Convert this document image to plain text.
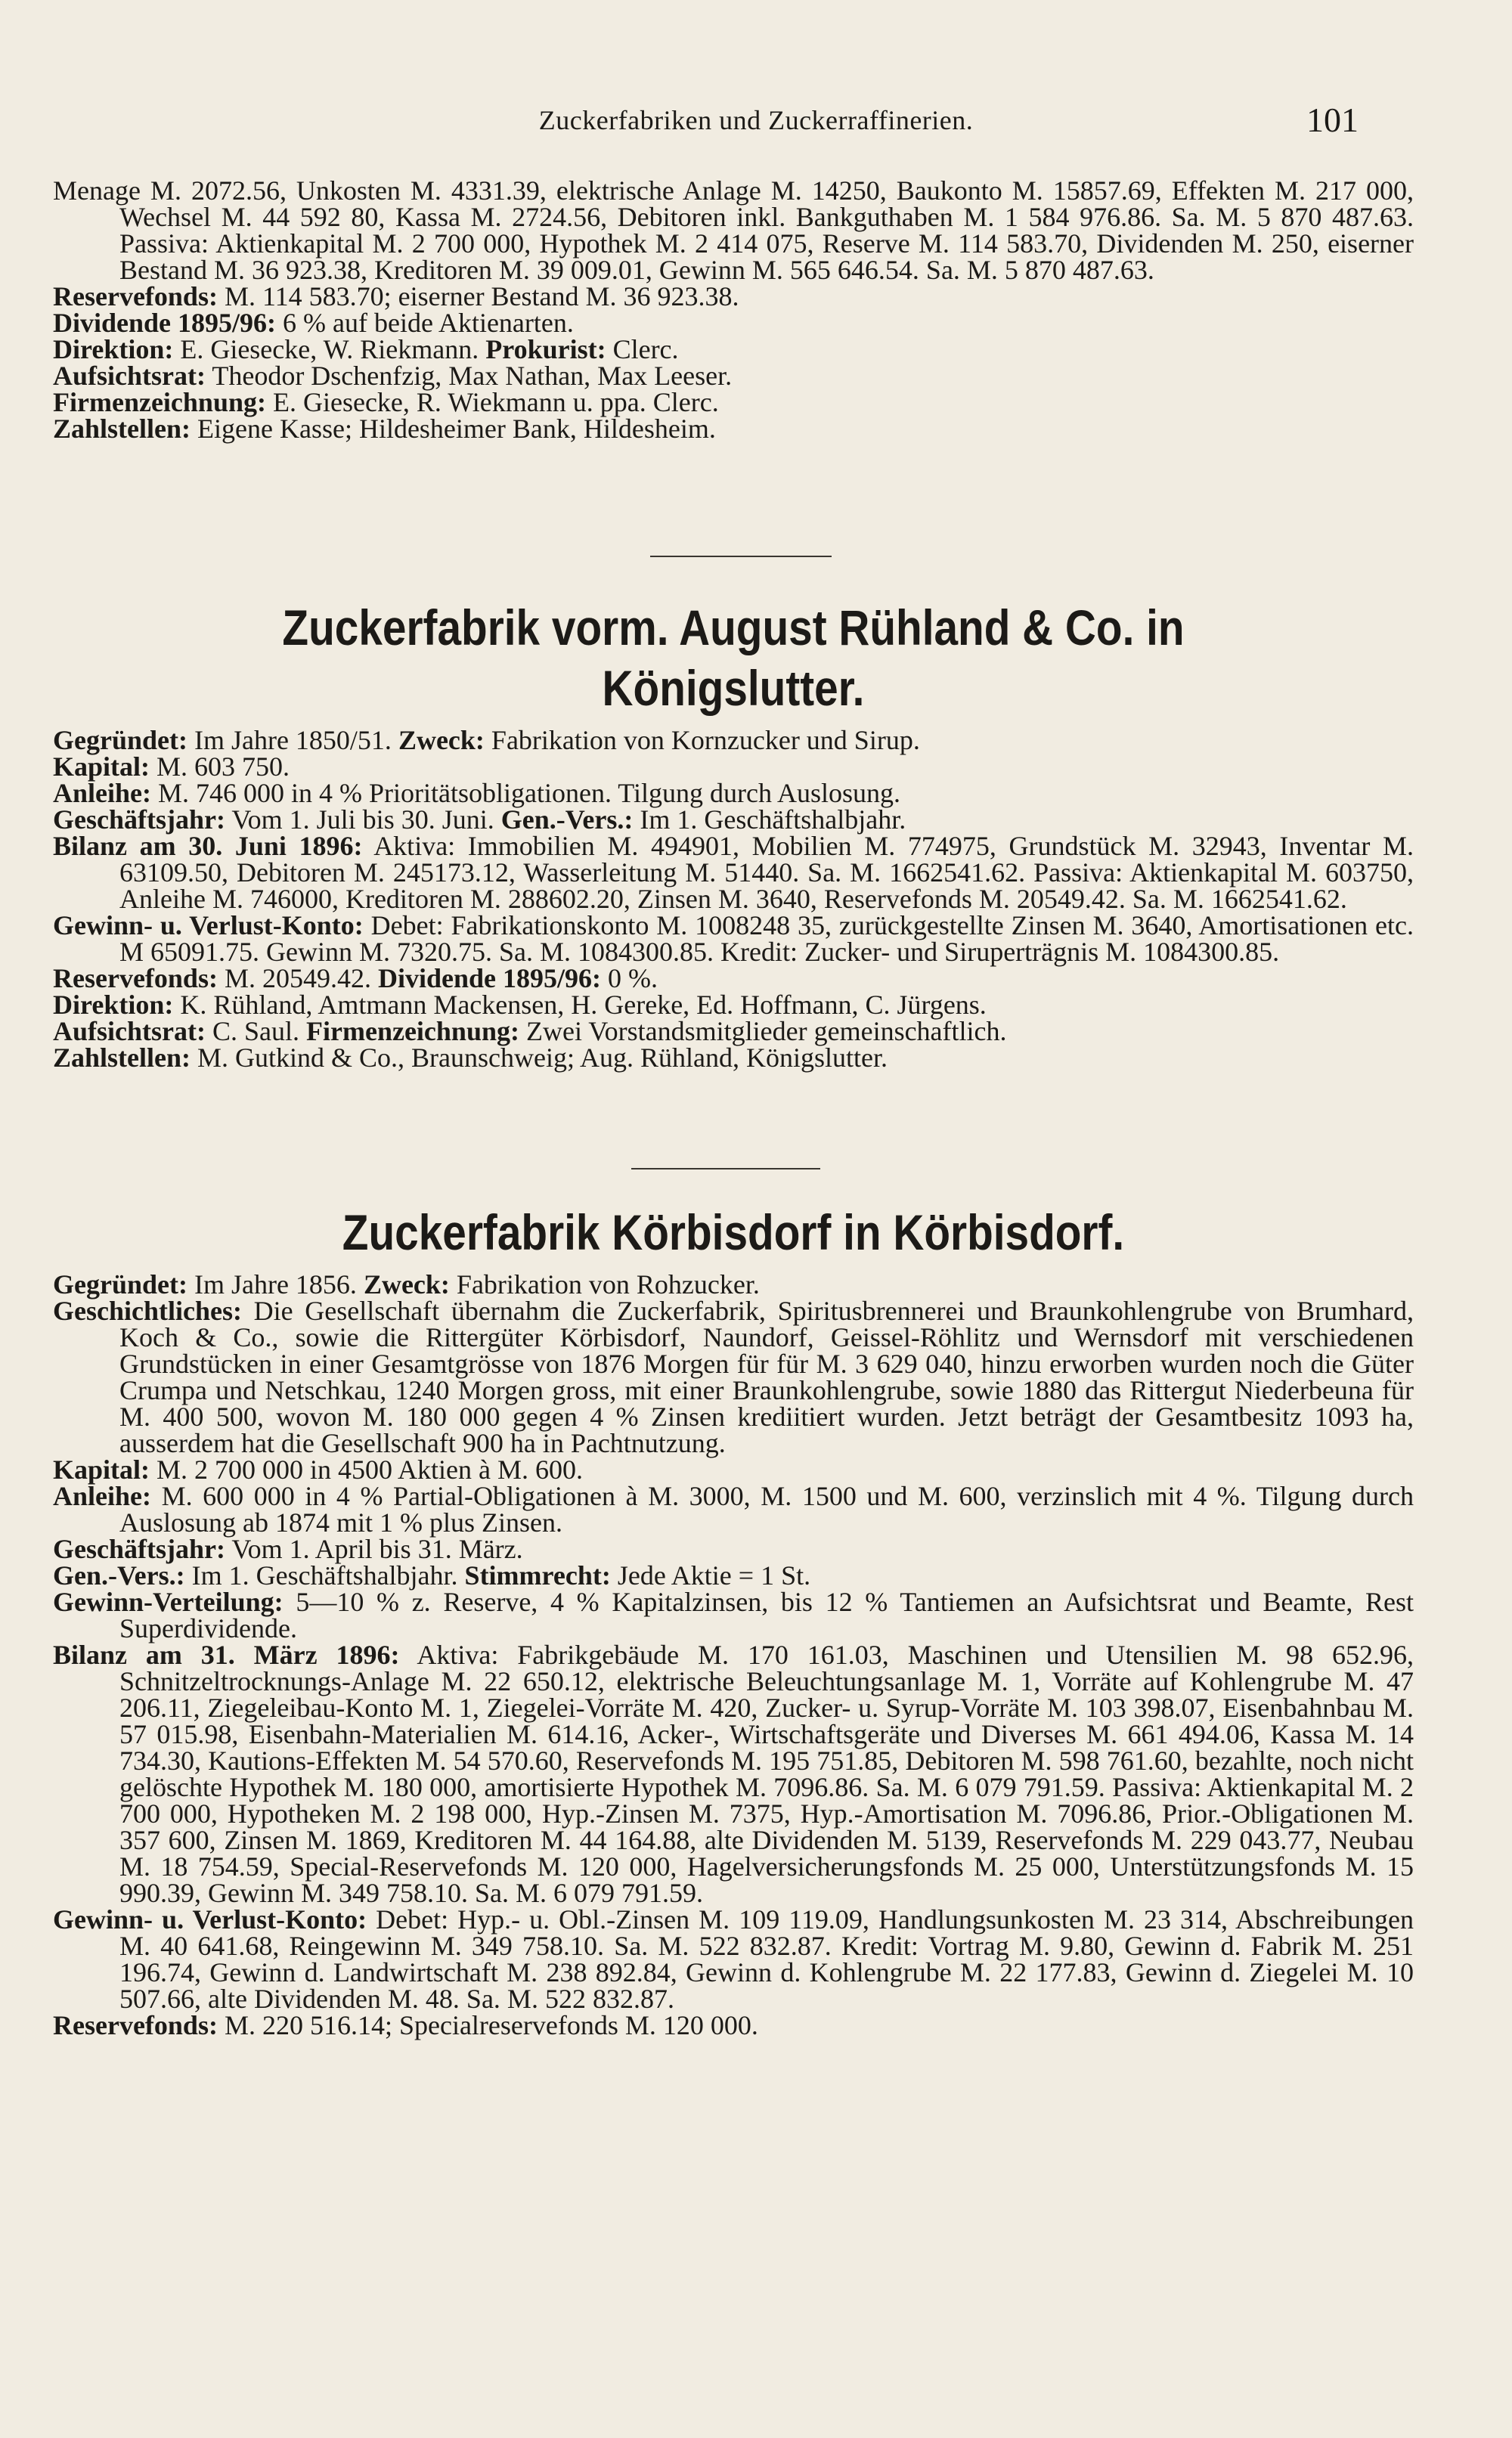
Zuckerfabriken und Zuckerraffinerien.	101

Menage M. 2072.56, Unkosten M. 4331.39, elektrische Anlage M. 14250, Baukonto M. 15857.69, Effekten M. 217 000, Wechsel M. 44 592 80, Kassa M. 2724.56, Debitoren inkl. Bankguthaben M. 1 584 976.86. Sa. M. 5 870 487.63. Passiva: Aktienkapital M. 2 700 000, Hypothek M. 2 414 075, Reserve M. 114 583.70, Dividenden M. 250, eiserner Bestand M. 36 923.38, Kreditoren M. 39 009.01, Gewinn M. 565 646.54. Sa. M. 5 870 487.63.

Reservefonds: M. 114 583.70; eiserner Bestand M. 36 923.38.

Dividende 1895/96: 6 % auf beide Aktienarten.

Direktion: E. Giesecke, W. Riekmann. Prokurist: Clerc.

Aufsichtsrat: Theodor Dschenfzig, Max Nathan, Max Leeser.

Firmenzeichnung: E. Giesecke, R. Wiekmann u. ppa. Clerc.

Zahlstellen: Eigene Kasse; Hildesheimer Bank, Hildesheim.

Zuckerfabrik vorm. August Rühland & Co. in Königslutter.

Gegründet: Im Jahre 1850/51. Zweck: Fabrikation von Kornzucker und Sirup.

Kapital: M. 603 750.

Anleihe: M. 746 000 in 4 % Prioritätsobligationen. Tilgung durch Auslosung.

Geschäftsjahr: Vom 1. Juli bis 30. Juni. Gen.-Vers.: Im 1. Geschäftshalbjahr.

Bilanz am 30. Juni 1896: Aktiva: Immobilien M. 494901, Mobilien M. 774975, Grundstück M. 32943, Inventar M. 63109.50, Debitoren M. 245173.12, Wasserleitung M. 51440. Sa. M. 1662541.62. Passiva: Aktienkapital M. 603750, Anleihe M. 746000, Kreditoren M. 288602.20, Zinsen M. 3640, Reservefonds M. 20549.42. Sa. M. 1662541.62.

Gewinn- u. Verlust-Konto: Debet: Fabrikationskonto M. 1008248 35, zurückgestellte Zinsen M. 3640, Amortisationen etc. M 65091.75. Gewinn M. 7320.75. Sa. M. 1084300.85. Kredit: Zucker- und Siruperträgnis M. 1084300.85.

Reservefonds: M. 20549.42. Dividende 1895/96: 0 %.

Direktion: K. Rühland, Amtmann Mackensen, H. Gereke, Ed. Hoffmann, C. Jürgens.

Aufsichtsrat: C. Saul. Firmenzeichnung: Zwei Vorstandsmitglieder gemeinschaftlich.

Zahlstellen: M. Gutkind & Co., Braunschweig; Aug. Rühland, Königslutter.

Zuckerfabrik Körbisdorf in Körbisdorf.

Gegründet: Im Jahre 1856. Zweck: Fabrikation von Rohzucker.

Geschichtliches: Die Gesellschaft übernahm die Zuckerfabrik, Spiritusbrennerei und Braunkohlengrube von Brumhard, Koch & Co., sowie die Rittergüter Körbisdorf, Naundorf, Geissel-Röhlitz und Wernsdorf mit verschiedenen Grundstücken in einer Gesamtgrösse von 1876 Morgen für für M. 3 629 040, hinzu erworben wurden noch die Güter Crumpa und Netschkau, 1240 Morgen gross, mit einer Braunkohlengrube, sowie 1880 das Rittergut Niederbeuna für M. 400 500, wovon M. 180 000 gegen 4 % Zinsen krediitiert wurden. Jetzt beträgt der Gesamtbesitz 1093 ha, ausserdem hat die Gesellschaft 900 ha in Pachtnutzung.

Kapital: M. 2 700 000 in 4500 Aktien à M. 600.

Anleihe: M. 600 000 in 4 % Partial-Obligationen à M. 3000, M. 1500 und M. 600, verzinslich mit 4 %. Tilgung durch Auslosung ab 1874 mit 1 % plus Zinsen.

Geschäftsjahr: Vom 1. April bis 31. März.

Gen.-Vers.: Im 1. Geschäftshalbjahr. Stimmrecht: Jede Aktie = 1 St.

Gewinn-Verteilung: 5—10 % z. Reserve, 4 % Kapitalzinsen, bis 12 % Tantiemen an Aufsichtsrat und Beamte, Rest Superdividende.

Bilanz am 31. März 1896: Aktiva: Fabrikgebäude M. 170 161.03, Maschinen und Utensilien M. 98 652.96, Schnitzeltrocknungs-Anlage M. 22 650.12, elektrische Beleuchtungsanlage M. 1, Vorräte auf Kohlengrube M. 47 206.11, Ziegeleibau-Konto M. 1, Ziegelei-Vorräte M. 420, Zucker- u. Syrup-Vorräte M. 103 398.07, Eisenbahnbau M. 57 015.98, Eisenbahn-Materialien M. 614.16, Acker-, Wirtschaftsgeräte und Diverses M. 661 494.06, Kassa M. 14 734.30, Kautions-Effekten M. 54 570.60, Reservefonds M. 195 751.85, Debitoren M. 598 761.60, bezahlte, noch nicht gelöschte Hypothek M. 180 000, amortisierte Hypothek M. 7096.86. Sa. M. 6 079 791.59. Passiva: Aktienkapital M. 2 700 000, Hypotheken M. 2 198 000, Hyp.-Zinsen M. 7375, Hyp.-Amortisation M. 7096.86, Prior.-Obligationen M. 357 600, Zinsen M. 1869, Kreditoren M. 44 164.88, alte Dividenden M. 5139, Reservefonds M. 229 043.77, Neubau M. 18 754.59, Special-Reservefonds M. 120 000, Hagelversicherungsfonds M. 25 000, Unterstützungsfonds M. 15 990.39, Gewinn M. 349 758.10. Sa. M. 6 079 791.59.

Gewinn- u. Verlust-Konto: Debet: Hyp.- u. Obl.-Zinsen M. 109 119.09, Handlungsunkosten M. 23 314, Abschreibungen M. 40 641.68, Reingewinn M. 349 758.10. Sa. M. 522 832.87. Kredit: Vortrag M. 9.80, Gewinn d. Fabrik M. 251 196.74, Gewinn d. Landwirtschaft M. 238 892.84, Gewinn d. Kohlengrube M. 22 177.83, Gewinn d. Ziegelei M. 10 507.66, alte Dividenden M. 48. Sa. M. 522 832.87.

Reservefonds: M. 220 516.14; Specialreservefonds M. 120 000.
